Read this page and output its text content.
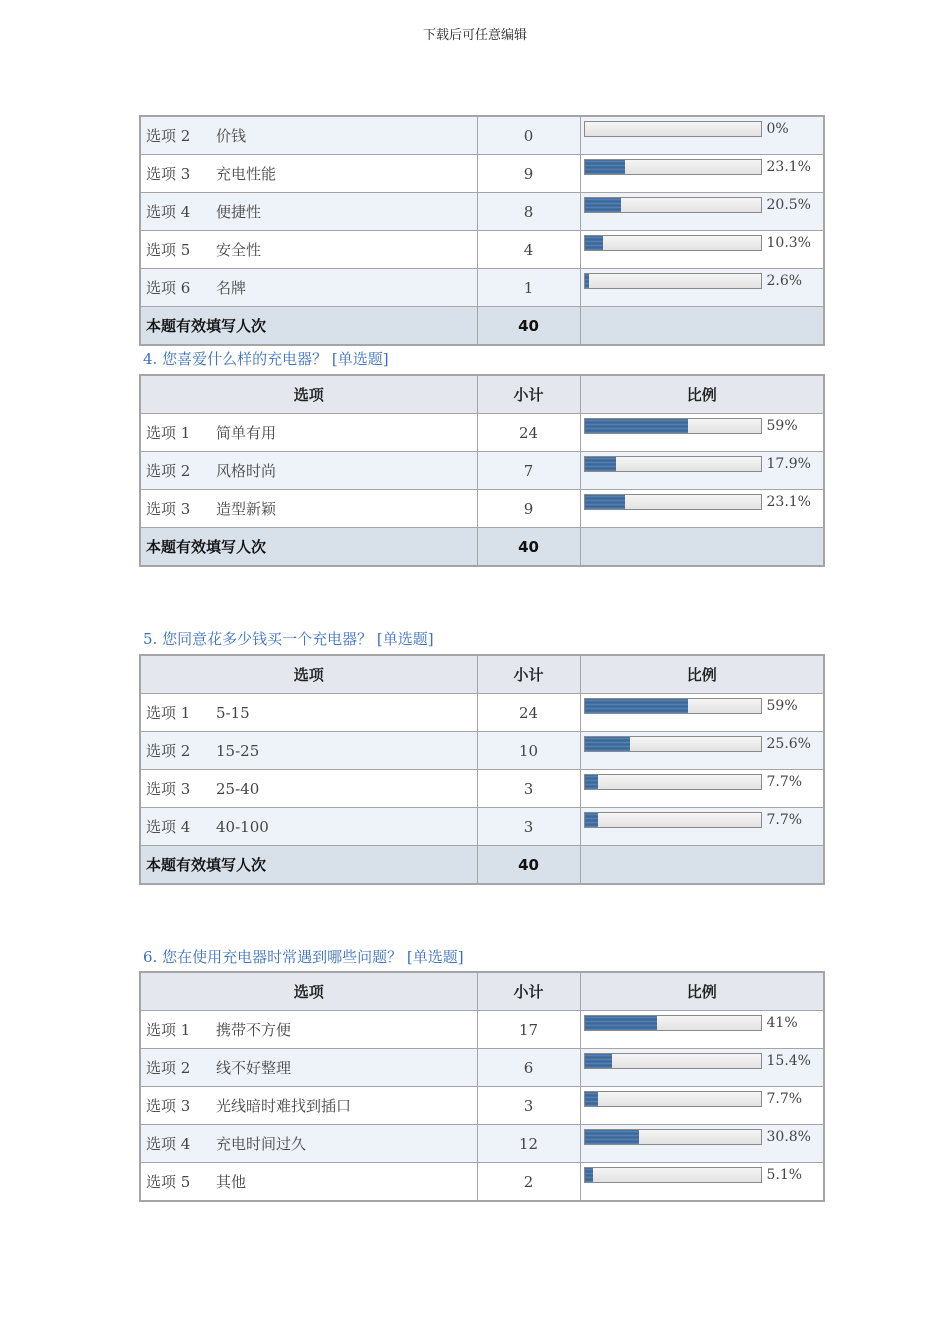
下载后可任意编辑
选项 2 价钱	0	0%

选项 3 充电性能	9	23.1%

选项 4 便捷性	8	20.5%

选项 5 安全性	4	10.3%

选项 6 名牌	1	2.6%

本题有效填写人次	40	
4. 您喜爱什么样的充电器？ [单选题]
选项	小计	比例
选项 1 简单有用	24	59%

选项 2 风格时尚	7	17.9%

选项 3 造型新颖	9	23.1%

本题有效填写人次	40	
5. 您同意花多少钱买一个充电器？ [单选题]
选项	小计	比例
选项 1 5-15	24	59%

选项 2 15-25	10	25.6%

选项 3 25-40	3	7.7%

选项 4 40-100	3	7.7%

本题有效填写人次	40	
6. 您在使用充电器时常遇到哪些问题？ [单选题]
选项	小计	比例
选项 1 携带不方便	17	41%

选项 2 线不好整理	6	15.4%

选项 3 光线暗时难找到插口	3	7.7%

选项 4 充电时间过久	12	30.8%

选项 5 其他	2	5.1%
